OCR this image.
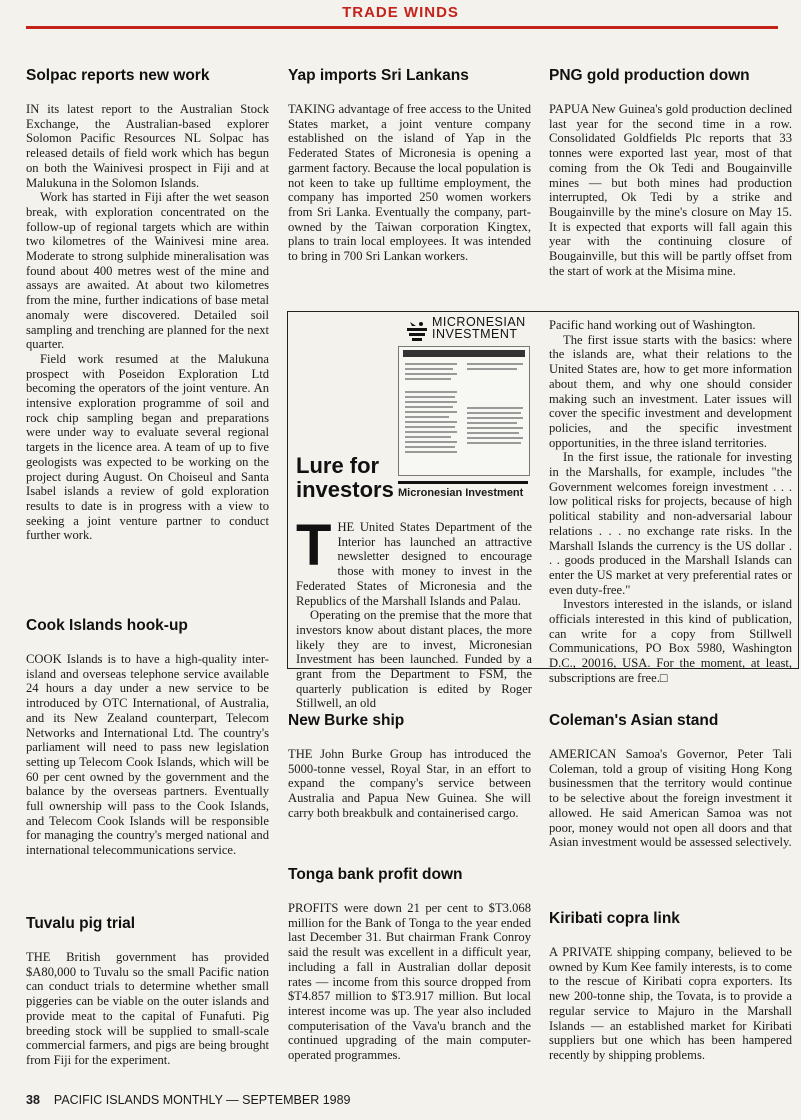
TRADE WINDS
Solpac reports new work

IN its latest report to the Australian Stock Exchange, the Australian-based explorer Solomon Pacific Resources NL Solpac has released details of field work which has begun on both the Wainivesi prospect in Fiji and at Malukuna in the Solomon Islands.

Work has started in Fiji after the wet season break, with exploration concentrated on the follow-up of regional targets which are within two kilometres of the Wainivesi mine area. Moderate to strong sulphide mineralisation was found about 400 metres west of the mine and assays are awaited. At about two kilometres from the mine, further indications of base metal anomaly were discovered. Detailed soil sampling and trenching are planned for the next quarter.

Field work resumed at the Malukuna prospect with Poseidon Exploration Ltd becoming the operators of the joint venture. An intensive exploration programme of soil and rock chip sampling began and preparations were under way to evaluate several regional targets in the licence area. A team of up to five geologists was expected to be working on the project during August. On Choiseul and Santa Isabel islands a review of gold exploration results to date is in progress with a view to seeking a joint venture partner to conduct further work.

Cook Islands hook-up

COOK Islands is to have a high-quality inter-island and overseas telephone service available 24 hours a day under a new service to be introduced by OTC International, of Australia, and its New Zealand counterpart, Telecom Networks and International Ltd. The country's parliament will need to pass new legislation setting up Telecom Cook Islands, which will be 60 per cent owned by the government and the balance by the overseas partners. Eventually full ownership will pass to the Cook Islands, and Telecom Cook Islands will be responsible for managing the country's merged national and international telecommunications service.

Tuvalu pig trial

THE British government has provided $A80,000 to Tuvalu so the small Pacific nation can conduct trials to determine whether small piggeries can be viable on the outer islands and provide meat to the capital of Funafuti. Pig breeding stock will be supplied to small-scale commercial farmers, and pigs are being brought from Fiji for the experiment.

Yap imports Sri Lankans

TAKING advantage of free access to the United States market, a joint venture company established on the island of Yap in the Federated States of Micronesia is opening a garment factory. Because the local population is not keen to take up fulltime employment, the company has imported 250 women workers from Sri Lanka. Eventually the company, part-owned by the Taiwan corporation Kingtex, plans to train local employees. It was intended to bring in 700 Sri Lankan workers.

PNG gold production down

PAPUA New Guinea's gold production declined last year for the second time in a row. Consolidated Goldfields Plc reports that 33 tonnes were exported last year, most of that coming from the Ok Tedi and Bougainville mines — but both mines had production interrupted, Ok Tedi by a strike and Bougainville by the mine's closure on May 15. It is expected that exports will fall again this year with the continuing closure of Bougainville, but this will be partly offset from the start of work at the Misima mine.

MICRONESIAN
INVESTMENT
Lure for investors Micronesian Investment

THE United States Department of the Interior has launched an attractive newsletter designed to encourage those with money to invest in the Federated States of Micronesia and the Republics of the Marshall Islands and Palau.

Operating on the premise that the more that investors know about distant places, the more likely they are to invest, Micronesian Investment has been launched. Funded by a grant from the Department to FSM, the quarterly publication is edited by Roger Stillwell, an old

Pacific hand working out of Washington.

The first issue starts with the basics: where the islands are, what their relations to the United States are, how to get more information about them, and why one should consider making such an investment. Later issues will cover the specific investment and development policies, and the specific investment opportunities, in the three island territories.

In the first issue, the rationale for investing in the Marshalls, for example, includes "the Government welcomes foreign investment . . . low political risks for projects, because of high political stability and non-adversarial labour relations . . . no exchange rate risks. In the Marshall Islands the currency is the US dollar . . . goods produced in the Marshall Islands can enter the US market at very preferential rates or even duty-free."

Investors interested in the islands, or island officials interested in this kind of publication, can write for a copy from Stillwell Communications, PO Box 5980, Washington D.C., 20016, USA. For the moment, at least, subscriptions are free.□

New Burke ship

THE John Burke Group has introduced the 5000-tonne vessel, Royal Star, in an effort to expand the company's service between Australia and Papua New Guinea. She will carry both breakbulk and containerised cargo.

Tonga bank profit down

PROFITS were down 21 per cent to $T3.068 million for the Bank of Tonga to the year ended last December 31. But chairman Frank Conroy said the result was excellent in a difficult year, including a fall in Australian dollar deposit rates — income from this source dropped from $T4.857 million to $T3.917 million. But local interest income was up. The year also included computerisation of the Vava'u branch and the continued upgrading of the main computer-operated programmes.

Coleman's Asian stand

AMERICAN Samoa's Governor, Peter Tali Coleman, told a group of visiting Hong Kong businessmen that the territory would continue to be selective about the foreign investment it allowed. He said American Samoa was not poor, money would not open all doors and that Asian investment would be assessed selectively.

Kiribati copra link

A PRIVATE shipping company, believed to be owned by Kum Kee family interests, is to come to the rescue of Kiribati copra exporters. Its new 200-tonne ship, the Tovata, is to provide a regular service to Majuro in the Marshall Islands — an established market for Kiribati suppliers but one which has been hampered recently by shipping problems.

38 PACIFIC ISLANDS MONTHLY — SEPTEMBER 1989
